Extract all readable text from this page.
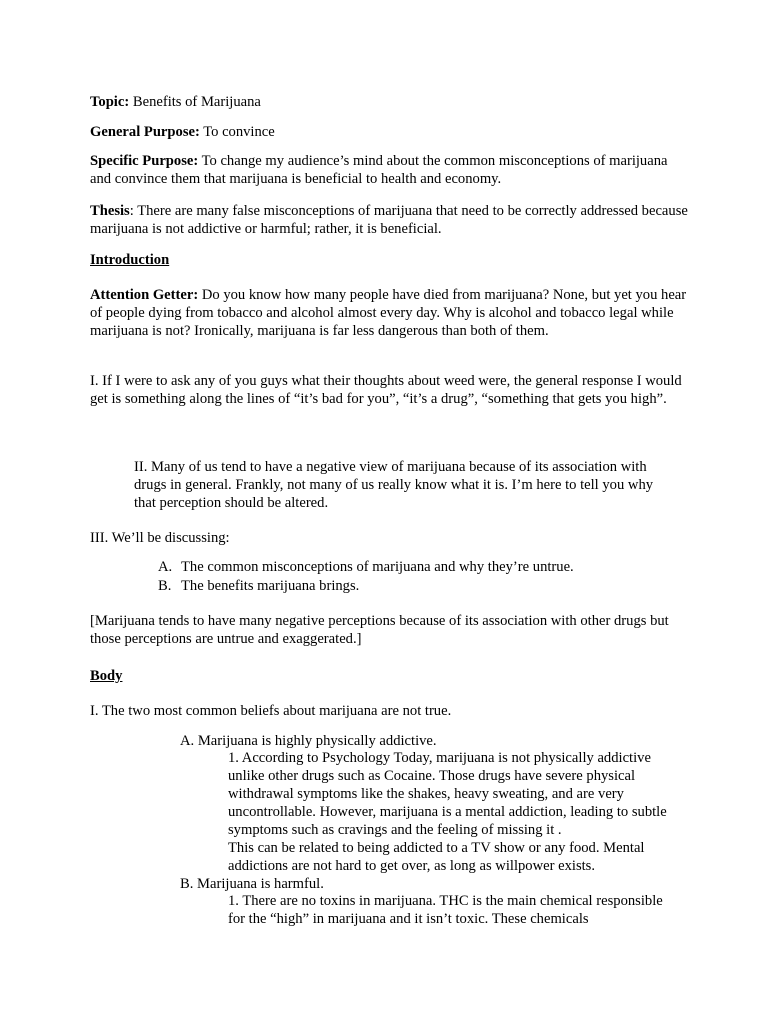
Topic: Benefits of Marijuana

General Purpose: To convince

Specific Purpose: To change my audience’s mind about the common misconceptions of marijuana and convince them that marijuana is beneficial to health and economy.

Thesis: There are many false misconceptions of marijuana that need to be correctly addressed because marijuana is not addictive or harmful; rather, it is beneficial.

Introduction

Attention Getter: Do you know how many people have died from marijuana? None, but yet you hear of people dying from tobacco and alcohol almost every day. Why is alcohol and tobacco legal while marijuana is not? Ironically, marijuana is far less dangerous than both of them.

I. If I were to ask any of you guys what their thoughts about weed were, the general response I would get is something along the lines of “it’s bad for you”, “it’s a drug”, “something that gets you high”.

II. Many of us tend to have a negative view of marijuana because of its association with drugs in general. Frankly, not many of us really know what it is. I’m here to tell you why that perception should be altered.

III. We’ll be discussing:

A. The common misconceptions of marijuana and why they’re untrue.
B. The benefits marijuana brings.

[Marijuana tends to have many negative perceptions because of its association with other drugs but those perceptions are untrue and exaggerated.]

Body

I. The two most common beliefs about marijuana are not true.

A. Marijuana is highly physically addictive.

1. According to Psychology Today, marijuana is not physically addictive unlike other drugs such as Cocaine. Those drugs have severe physical withdrawal symptoms like the shakes, heavy sweating, and are very uncontrollable. However, marijuana is a mental addiction, leading to subtle symptoms such as cravings and the feeling of missing it .

This can be related to being addicted to a TV show or any food. Mental addictions are not hard to get over, as long as willpower exists.

B. Marijuana is harmful.

1. There are no toxins in marijuana. THC is the main chemical responsible for the “high” in marijuana and it isn’t toxic. These chemicals
